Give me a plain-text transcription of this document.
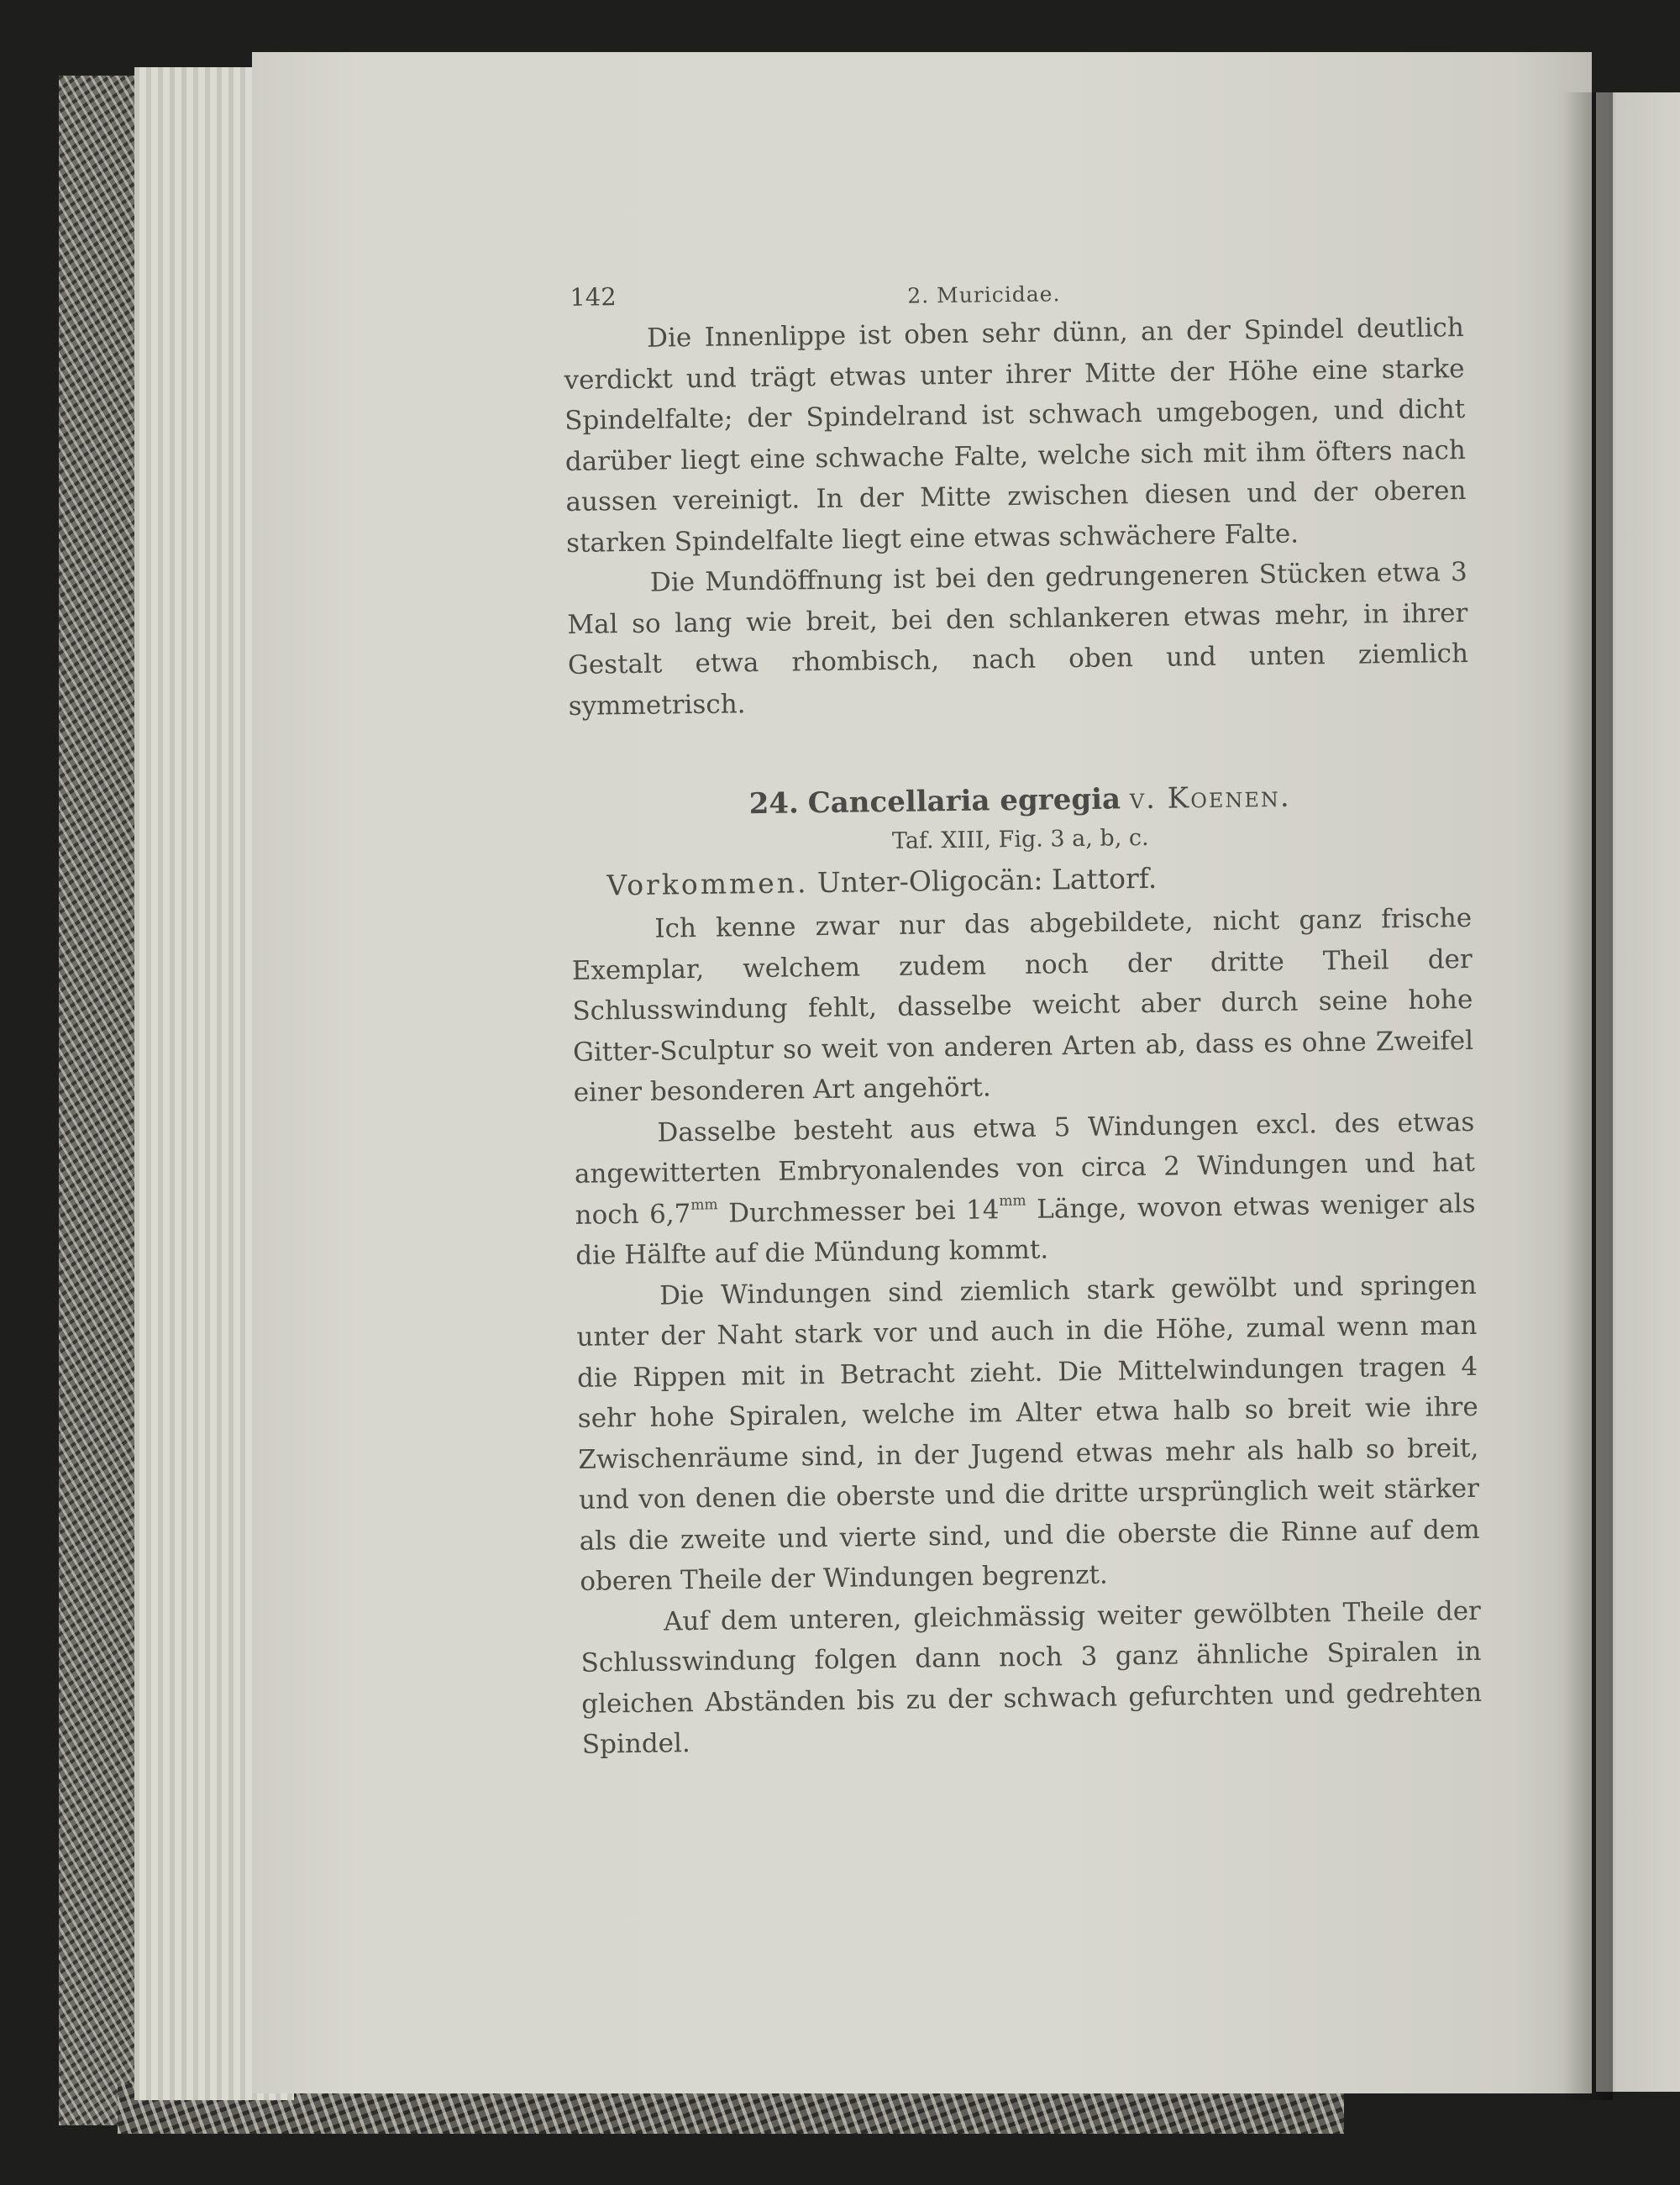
142	2. Muricidae.

Die Innenlippe ist oben sehr dünn, an der Spindel deutlich verdickt und trägt etwas unter ihrer Mitte der Höhe eine starke Spindelfalte; der Spindelrand ist schwach umgebogen, und dicht darüber liegt eine schwache Falte, welche sich mit ihm öfters nach aussen vereinigt. In der Mitte zwischen diesen und der oberen starken Spindelfalte liegt eine etwas schwächere Falte.

Die Mundöffnung ist bei den gedrungeneren Stücken etwa 3 Mal so lang wie breit, bei den schlankeren etwas mehr, in ihrer Gestalt etwa rhombisch, nach oben und unten ziemlich symmetrisch.

24. Cancellaria egregia v. Koenen.
Taf. XIII, Fig. 3 a, b, c.
Vorkommen. Unter-Oligocän: Lattorf.

Ich kenne zwar nur das abgebildete, nicht ganz frische Exemplar, welchem zudem noch der dritte Theil der Schlusswindung fehlt, dasselbe weicht aber durch seine hohe Gitter-Sculptur so weit von anderen Arten ab, dass es ohne Zweifel einer besonderen Art angehört.

Dasselbe besteht aus etwa 5 Windungen excl. des etwas angewitterten Embryonalendes von circa 2 Windungen und hat noch $6,7^{mm}$ Durchmesser bei $14^{mm}$ Länge, wovon etwas weniger als die Hälfte auf die Mündung kommt.

Die Windungen sind ziemlich stark gewölbt und springen unter der Naht stark vor und auch in die Höhe, zumal wenn man die Rippen mit in Betracht zieht. Die Mittelwindungen tragen 4 sehr hohe Spiralen, welche im Alter etwa halb so breit wie ihre Zwischenräume sind, in der Jugend etwas mehr als halb so breit, und von denen die oberste und die dritte ursprünglich weit stärker als die zweite und vierte sind, und die oberste die Rinne auf dem oberen Theile der Windungen begrenzt.

Auf dem unteren, gleichmässig weiter gewölbten Theile der Schlusswindung folgen dann noch 3 ganz ähnliche Spiralen in gleichen Abständen bis zu der schwach gefurchten und gedrehten Spindel.
